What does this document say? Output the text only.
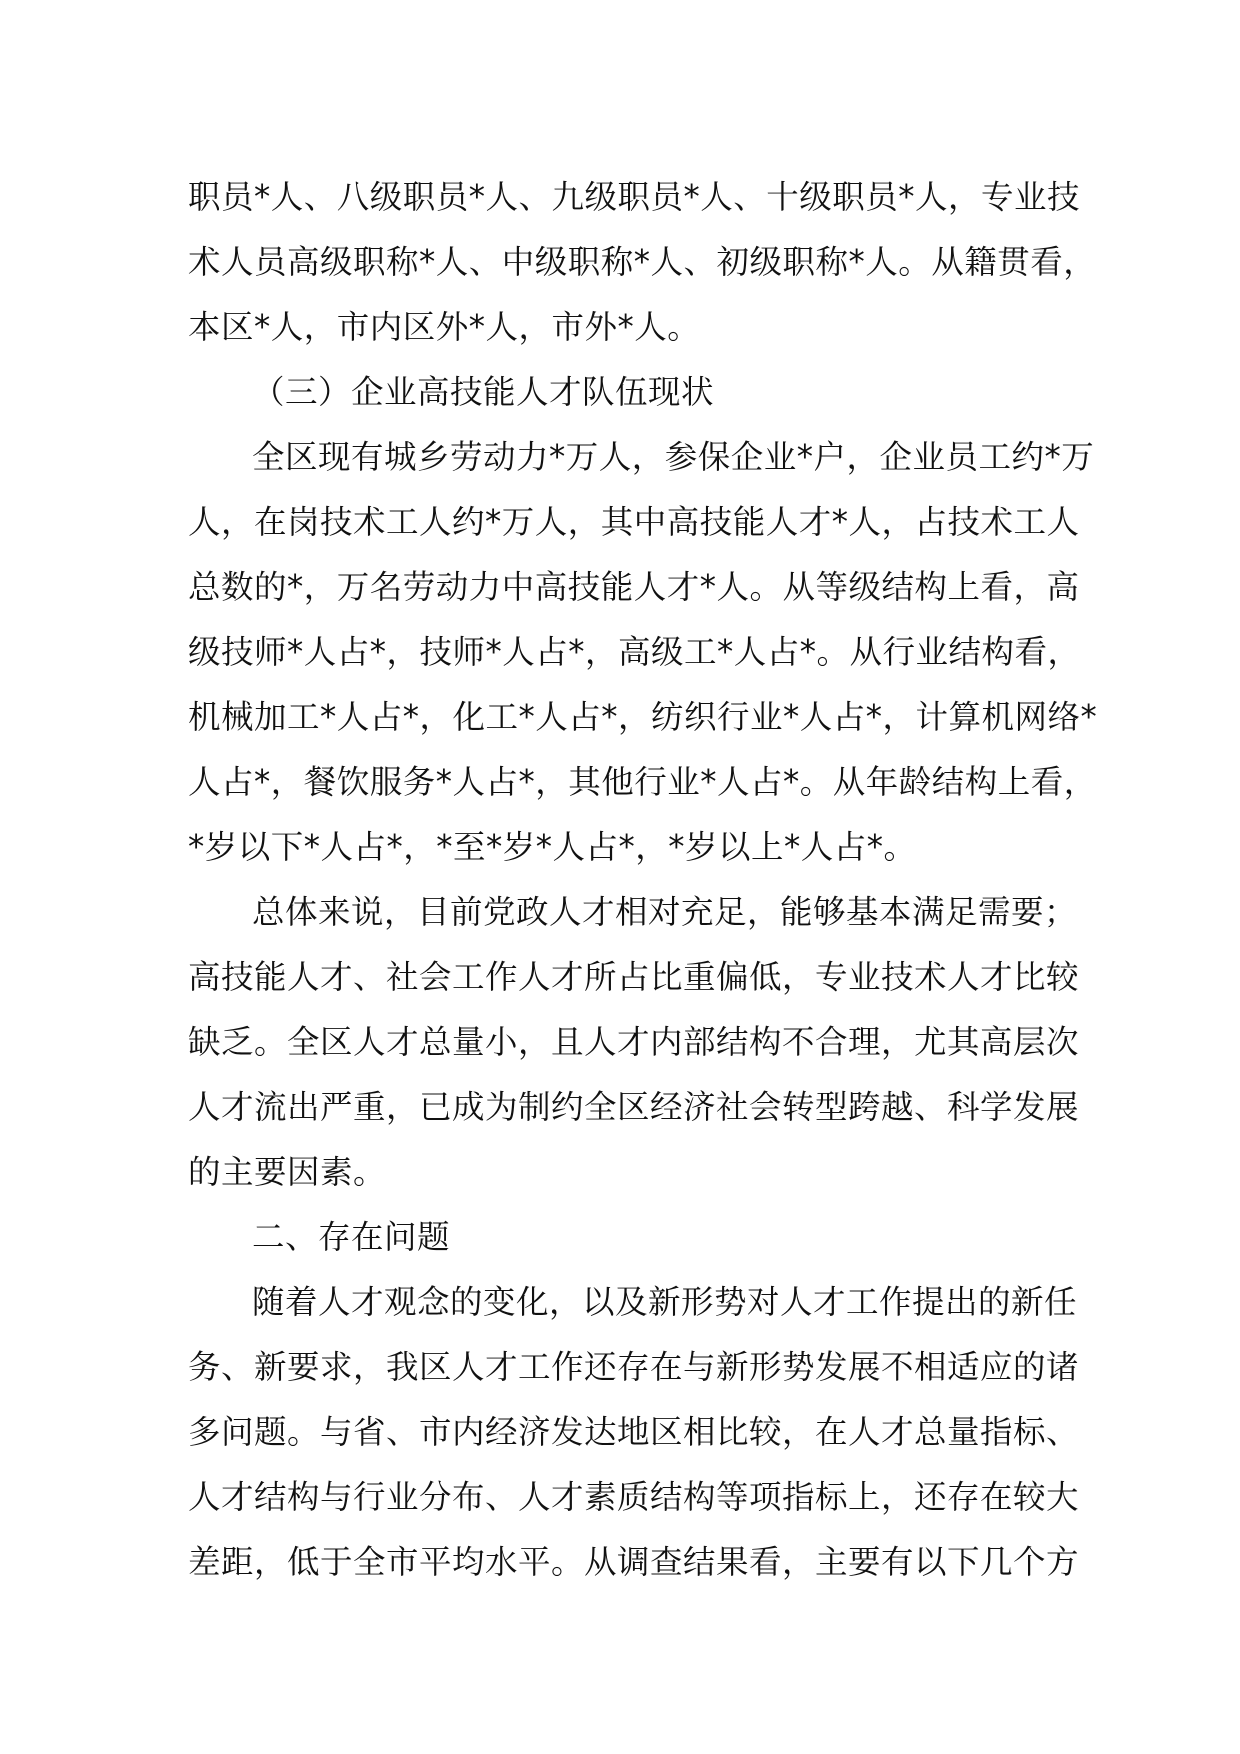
职员*人、八级职员*人、九级职员*人、十级职员*人，专业技
术人员高级职称*人、中级职称*人、初级职称*人。从籍贯看，
本区*人，市内区外*人，市外*人。
（三）企业高技能人才队伍现状
全区现有城乡劳动力*万人，参保企业*户，企业员工约*万
人，在岗技术工人约*万人，其中高技能人才*人，占技术工人
总数的*，万名劳动力中高技能人才*人。从等级结构上看，高
级技师*人占*，技师*人占*，高级工*人占*。从行业结构看，
机械加工*人占*，化工*人占*，纺织行业*人占*，计算机网络*
人占*，餐饮服务*人占*，其他行业*人占*。从年龄结构上看，
*岁以下*人占*，*至*岁*人占*，*岁以上*人占*。
总体来说，目前党政人才相对充足，能够基本满足需要；
高技能人才、社会工作人才所占比重偏低，专业技术人才比较
缺乏。全区人才总量小，且人才内部结构不合理，尤其高层次
人才流出严重，已成为制约全区经济社会转型跨越、科学发展
的主要因素。
二、存在问题
随着人才观念的变化，以及新形势对人才工作提出的新任
务、新要求，我区人才工作还存在与新形势发展不相适应的诸
多问题。与省、市内经济发达地区相比较，在人才总量指标、
人才结构与行业分布、人才素质结构等项指标上，还存在较大
差距，低于全市平均水平。从调查结果看，主要有以下几个方
